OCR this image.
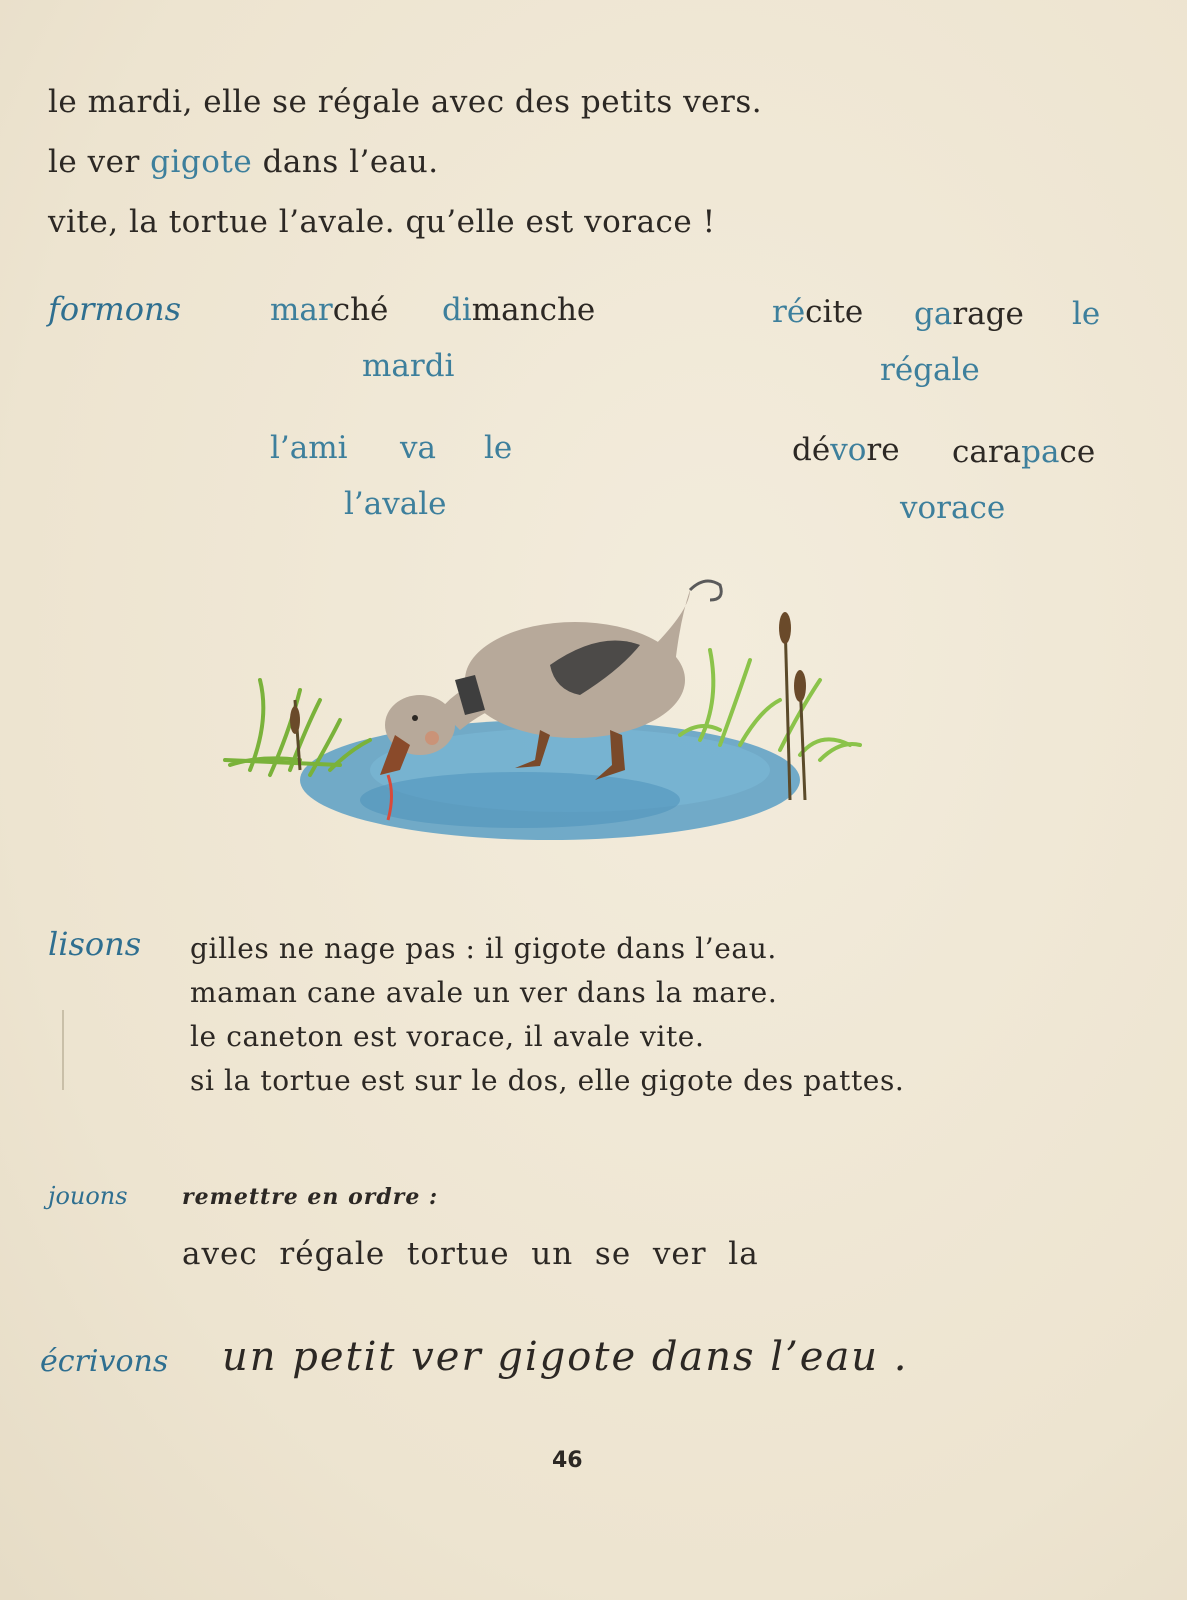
le mardi, elle se régale avec des petits vers.
le ver gigote dans l’eau.
vite, la tortue l’avale. qu’elle est vorace !
formons	marché dimanche
mardi
l’ami va le
l’avale
récite garage le
régale
dévore carapace
vorace
lisons gilles ne nage pas : il gigote dans l’eau.
maman cane avale un ver dans la mare.
le caneton est vorace, il avale vite.
si la tortue est sur le dos, elle gigote des pattes.
jouons remettre en ordre :
avec  régale  tortue  un  se  ver  la
écrivons un petit ver gigote dans l’eau .
46
